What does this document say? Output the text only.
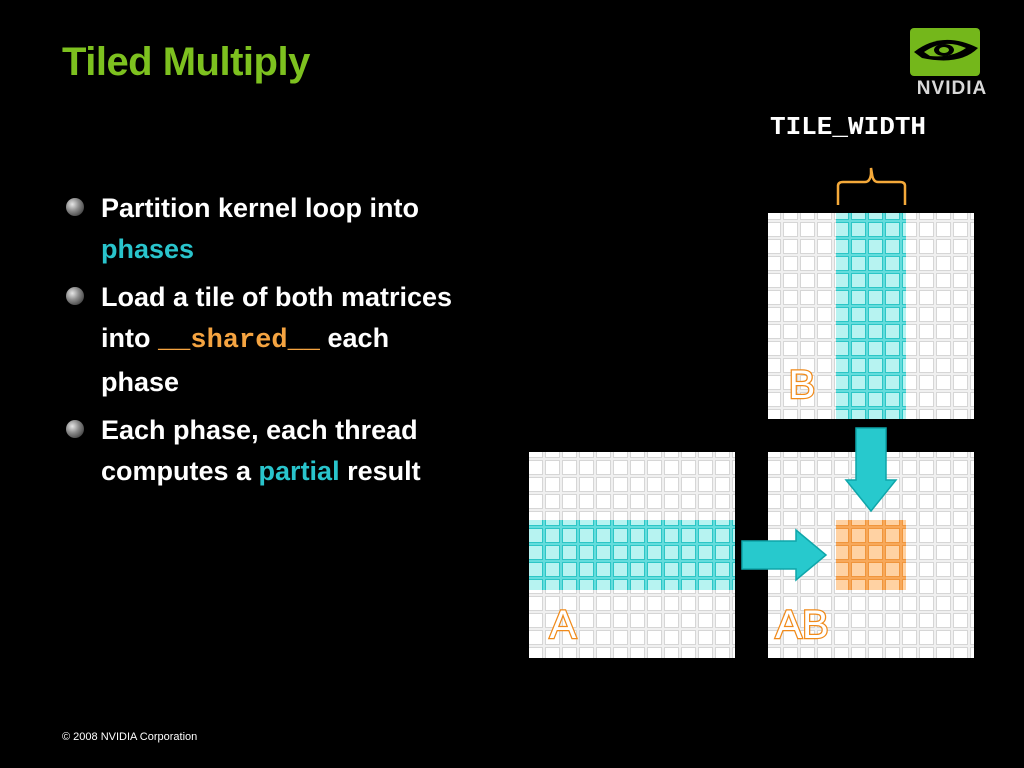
Tiled Multiply
NVIDIA
Partition kernel loop into phases
Load a tile of both matrices into __shared__ each phase
Each phase, each thread computes a partial result
TILE_WIDTH
B
A	AB
© 2008 NVIDIA Corporation
